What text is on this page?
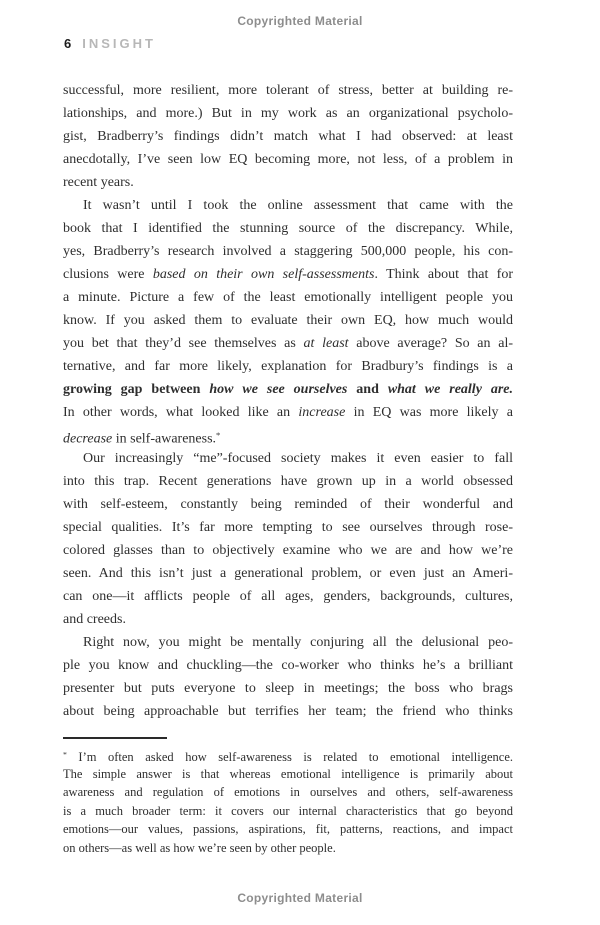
Copyrighted Material
6 INSIGHT
successful, more resilient, more tolerant of stress, better at building re-
lationships, and more.) But in my work as an organizational psycholo-
gist, Bradberry’s findings didn’t match what I had observed: at least
anecdotally, I’ve seen low EQ becoming more, not less, of a problem in
recent years.
It wasn’t until I took the online assessment that came with the
book that I identified the stunning source of the discrepancy. While,
yes, Bradberry’s research involved a staggering 500,000 people, his con-
clusions were based on their own self-assessments. Think about that for
a minute. Picture a few of the least emotionally intelligent people you
know. If you asked them to evaluate their own EQ, how much would
you bet that they’d see themselves as at least above average? So an al-
ternative, and far more likely, explanation for Bradbury’s findings is a
growing gap between how we see ourselves and what we really are.
In other words, what looked like an increase in EQ was more likely a
decrease in self-awareness.*
Our increasingly “me”-focused society makes it even easier to fall
into this trap. Recent generations have grown up in a world obsessed
with self-esteem, constantly being reminded of their wonderful and
special qualities. It’s far more tempting to see ourselves through rose-
colored glasses than to objectively examine who we are and how we’re
seen. And this isn’t just a generational problem, or even just an Ameri-
can one—it afflicts people of all ages, genders, backgrounds, cultures,
and creeds.
Right now, you might be mentally conjuring all the delusional peo-
ple you know and chuckling—the co-worker who thinks he’s a brilliant
presenter but puts everyone to sleep in meetings; the boss who brags
about being approachable but terrifies her team; the friend who thinks
* I’m often asked how self-awareness is related to emotional intelligence.
The simple answer is that whereas emotional intelligence is primarily about
awareness and regulation of emotions in ourselves and others, self-awareness
is a much broader term: it covers our internal characteristics that go beyond
emotions—our values, passions, aspirations, fit, patterns, reactions, and impact
on others—as well as how we’re seen by other people.
Copyrighted Material
